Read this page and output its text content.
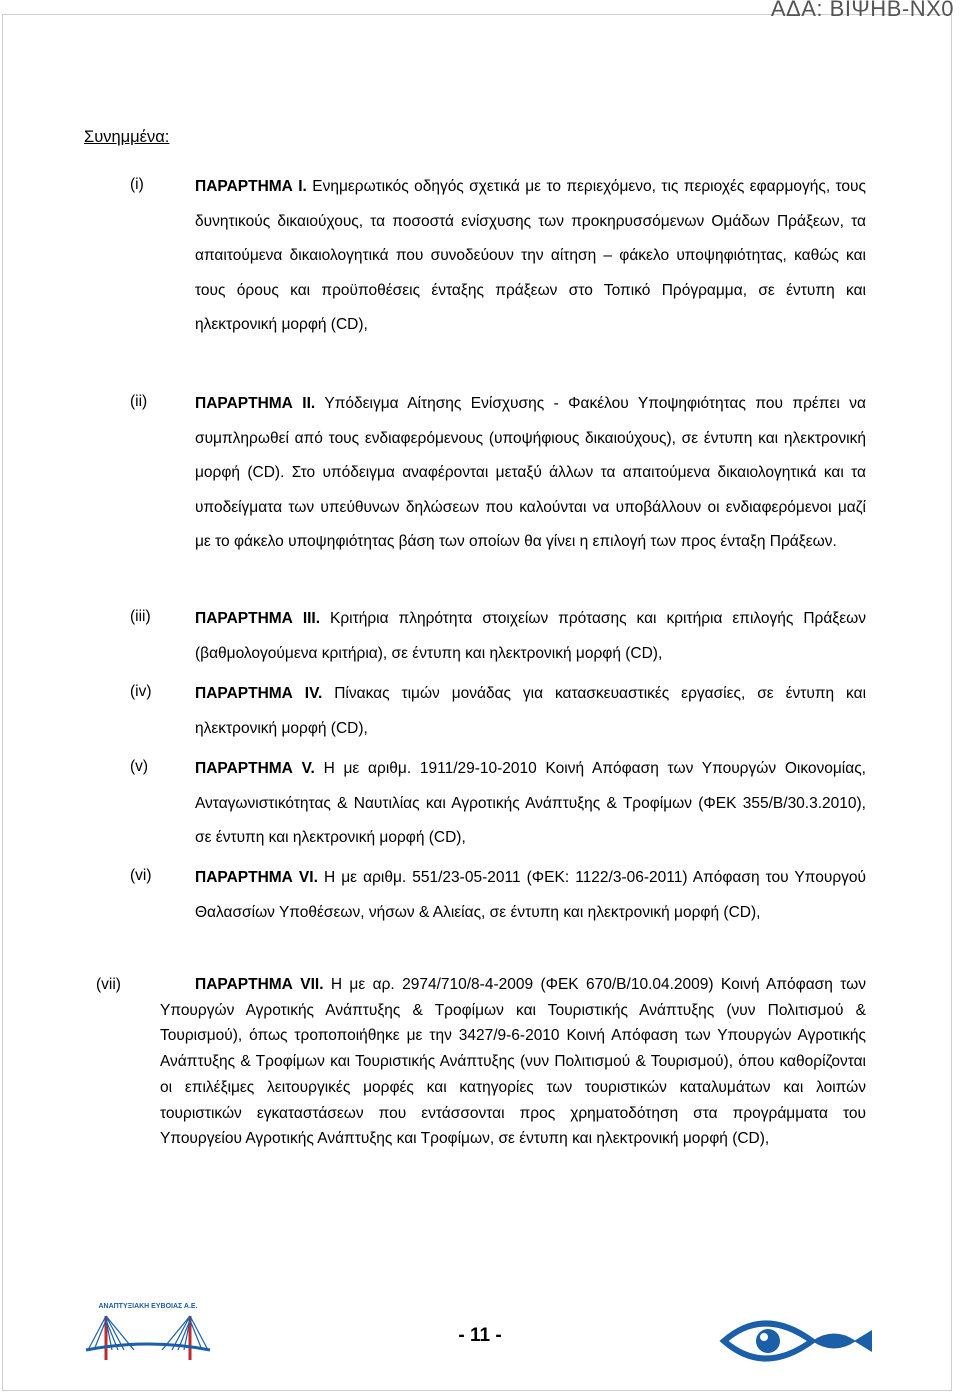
ΑΔΑ: ΒΙΨΗΒ-ΝΧ0
Συνημμένα:
(i)	ΠΑΡΑΡΤΗΜΑ Ι. Ενημερωτικός οδηγός σχετικά με το περιεχόμενο, τις περιοχές εφαρμογής, τους δυνητικούς δικαιούχους, τα ποσοστά ενίσχυσης των προκηρυσσόμενων Ομάδων Πράξεων, τα απαιτούμενα δικαιολογητικά που συνοδεύουν την αίτηση – φάκελο υποψηφιότητας, καθώς και τους όρους και προϋποθέσεις ένταξης πράξεων στο Τοπικό Πρόγραμμα, σε έντυπη και ηλεκτρονική μορφή (CD),
(ii)	ΠΑΡΑΡΤΗΜΑ ΙΙ. Υπόδειγμα Αίτησης Ενίσχυσης - Φακέλου Υποψηφιότητας που πρέπει να συμπληρωθεί από τους ενδιαφερόμενους (υποψήφιους δικαιούχους), σε έντυπη και ηλεκτρονική μορφή (CD). Στο υπόδειγμα αναφέρονται μεταξύ άλλων τα απαιτούμενα δικαιολογητικά και τα υποδείγματα των υπεύθυνων δηλώσεων που καλούνται να υποβάλλουν οι ενδιαφερόμενοι μαζί με το φάκελο υποψηφιότητας βάση των οποίων θα γίνει η επιλογή των προς ένταξη Πράξεων.
(iii)	ΠΑΡΑΡΤΗΜΑ ΙΙΙ. Κριτήρια πληρότητα στοιχείων πρότασης και κριτήρια επιλογής Πράξεων (βαθμολογούμενα κριτήρια), σε έντυπη και ηλεκτρονική μορφή (CD),
(iv)	ΠΑΡΑΡΤΗΜΑ ΙV. Πίνακας τιμών μονάδας για κατασκευαστικές εργασίες, σε έντυπη και ηλεκτρονική μορφή (CD),
(v)	ΠΑΡΑΡΤΗΜΑ V. Η με αριθμ. 1911/29-10-2010 Κοινή Απόφαση των Υπουργών Οικονομίας, Ανταγωνιστικότητας & Ναυτιλίας και Αγροτικής Ανάπτυξης & Τροφίμων (ΦΕΚ 355/Β/30.3.2010), σε έντυπη και ηλεκτρονική μορφή (CD),
(vi)	ΠΑΡΑΡΤΗΜΑ VΙ. Η με αριθμ. 551/23-05-2011 (ΦΕΚ: 1122/3-06-2011) Απόφαση του Υπουργού Θαλασσίων Υποθέσεων, νήσων & Αλιείας, σε έντυπη και ηλεκτρονική μορφή (CD),
(vii)	ΠΑΡΑΡΤΗΜΑ VΙΙ. Η με αρ. 2974/710/8-4-2009 (ΦΕΚ 670/Β/10.04.2009) Κοινή Απόφαση των Υπουργών Αγροτικής Ανάπτυξης & Τροφίμων και Τουριστικής Ανάπτυξης (νυν Πολιτισμού & Τουρισμού), όπως τροποποιήθηκε με την 3427/9-6-2010 Κοινή Απόφαση των Υπουργών Αγροτικής Ανάπτυξης & Τροφίμων και Τουριστικής Ανάπτυξης (νυν Πολιτισμού & Τουρισμού), όπου καθορίζονται οι επιλέξιμες λειτουργικές μορφές και κατηγορίες των τουριστικών καταλυμάτων και λοιπών τουριστικών εγκαταστάσεων που εντάσσονται προς χρηματοδότηση στα προγράμματα του Υπουργείου Αγροτικής Ανάπτυξης και Τροφίμων, σε έντυπη και ηλεκτρονική μορφή (CD),
ΑΝΑΠΤΥΞΙΑΚΗ ΕΥΒΟΙΑΣ Α.Ε.
- 11 -
